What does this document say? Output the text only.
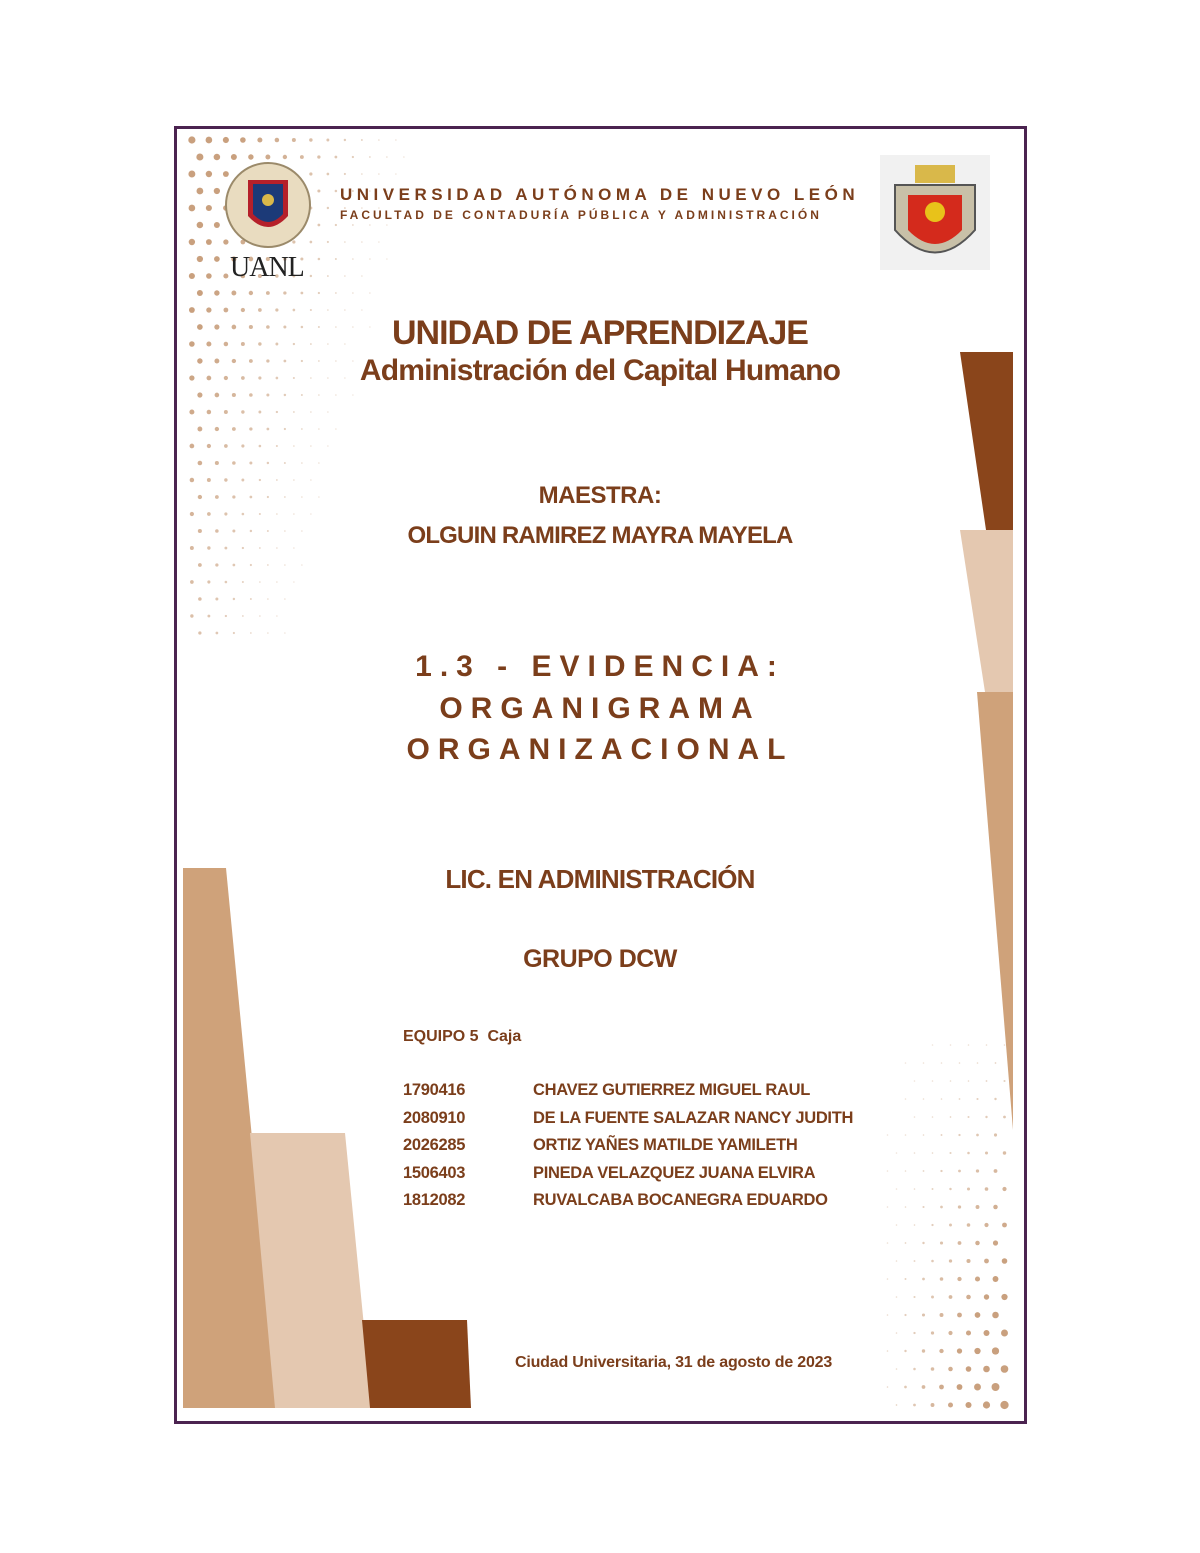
UANL
UNIVERSIDAD AUTÓNOMA DE NUEVO LEÓN
FACULTAD DE CONTADURÍA PÚBLICA Y ADMINISTRACIÓN
UNIDAD DE APRENDIZAJE
Administración del Capital Humano
MAESTRA:
OLGUIN RAMIREZ MAYRA MAYELA
1.3 - EVIDENCIA:
ORGANIGRAMA
ORGANIZACIONAL
LIC. EN ADMINISTRACIÓN
GRUPO DCW
EQUIPO 5  Caja
1790416	CHAVEZ GUTIERREZ MIGUEL RAUL
2080910	DE LA FUENTE SALAZAR NANCY JUDITH
2026285	ORTIZ YAÑES MATILDE YAMILETH
1506403	PINEDA VELAZQUEZ JUANA ELVIRA
1812082	RUVALCABA BOCANEGRA EDUARDO
Ciudad Universitaria, 31 de agosto de 2023
